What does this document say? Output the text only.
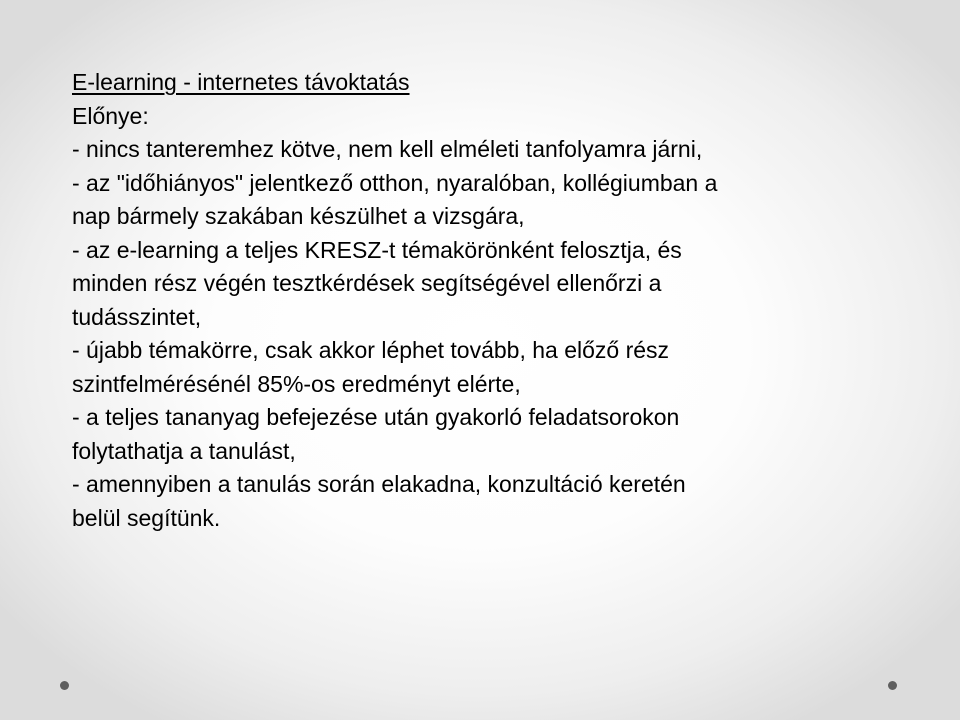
E-learning - internetes távoktatás
Előnye:
- nincs tanteremhez kötve, nem kell elméleti tanfolyamra járni,
- az "időhiányos" jelentkező otthon, nyaralóban, kollégiumban a
nap bármely szakában készülhet a vizsgára,
- az e-learning a teljes KRESZ-t témakörönként felosztja, és
minden rész végén tesztkérdések segítségével ellenőrzi a
tudásszintet,
- újabb témakörre, csak akkor léphet tovább, ha előző rész
szintfelmérésénél 85%-os eredményt elérte,
- a teljes tananyag befejezése után gyakorló feladatsorokon
folytathatja a tanulást,
- amennyiben a tanulás során elakadna, konzultáció keretén
belül segítünk.
